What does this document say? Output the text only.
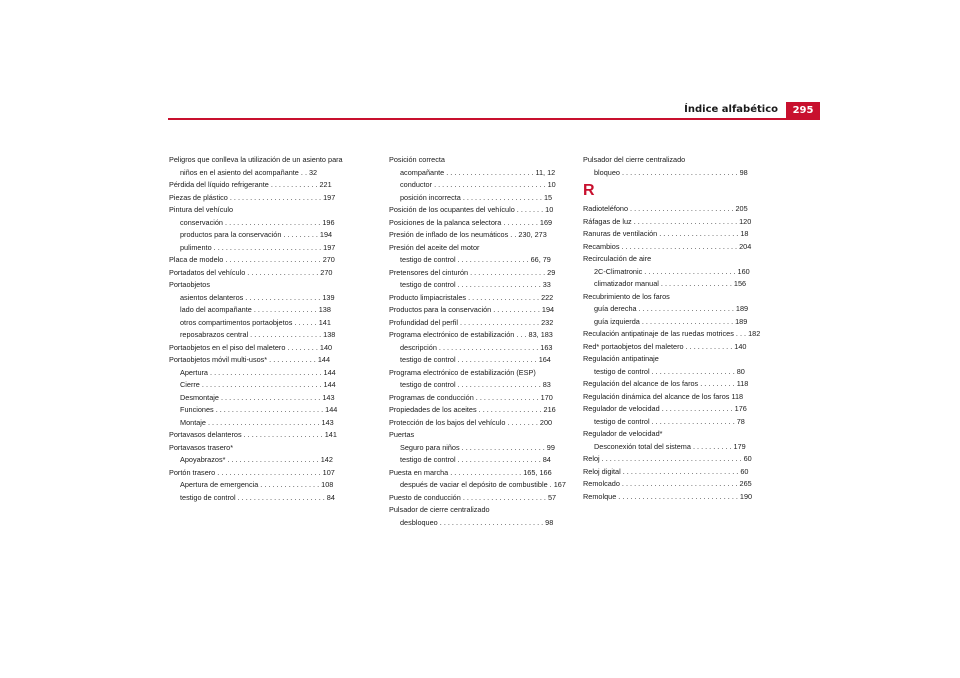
Índice alfabético	295
Peligros que conlleva la utilización de un asiento para niños en el asiento del acompañante . . 32
Pérdida del líquido refrigerante . . . . . . . . . . . . 221
Piezas de plástico . . . . . . . . . . . . . . . . . . . . . . . 197
Pintura del vehículo
conservación . . . . . . . . . . . . . . . . . . . . . . . . 196
productos para la conservación . . . . . . . . . 194
pulimento . . . . . . . . . . . . . . . . . . . . . . . . . . . 197
Placa de modelo . . . . . . . . . . . . . . . . . . . . . . . . 270
Portadatos del vehículo . . . . . . . . . . . . . . . . . . 270
Portaobjetos
asientos delanteros . . . . . . . . . . . . . . . . . . . 139
lado del acompañante . . . . . . . . . . . . . . . . 138
otros compartimentos portaobjetos . . . . . . 141
reposabrazos central . . . . . . . . . . . . . . . . . . 138
Portaobjetos en el piso del maletero . . . . . . . . 140
Portaobjetos móvil multi-usos* . . . . . . . . . . . . 144
Apertura . . . . . . . . . . . . . . . . . . . . . . . . . . . . 144
Cierre . . . . . . . . . . . . . . . . . . . . . . . . . . . . . . 144
Desmontaje . . . . . . . . . . . . . . . . . . . . . . . . . 143
Funciones . . . . . . . . . . . . . . . . . . . . . . . . . . . 144
Montaje . . . . . . . . . . . . . . . . . . . . . . . . . . . . 143
Portavasos delanteros . . . . . . . . . . . . . . . . . . . . 141
Portavasos trasero*
Apoyabrazos* . . . . . . . . . . . . . . . . . . . . . . . 142
Portón trasero . . . . . . . . . . . . . . . . . . . . . . . . . . 107
Apertura de emergencia . . . . . . . . . . . . . . . 108
testigo de control . . . . . . . . . . . . . . . . . . . . . . 84
Posición correcta
acompañante . . . . . . . . . . . . . . . . . . . . . . 11, 12
conductor . . . . . . . . . . . . . . . . . . . . . . . . . . . . 10
posición incorrecta . . . . . . . . . . . . . . . . . . . . 15
Posición de los ocupantes del vehículo . . . . . . . 10
Posiciones de la palanca selectora . . . . . . . . . 169
Presión de inflado de los neumáticos . . 230, 273
Presión del aceite del motor
testigo de control . . . . . . . . . . . . . . . . . . 66, 79
Pretensores del cinturón . . . . . . . . . . . . . . . . . . . 29
testigo de control . . . . . . . . . . . . . . . . . . . . . 33
Producto limpiacristales . . . . . . . . . . . . . . . . . . 222
Productos para la conservación . . . . . . . . . . . . 194
Profundidad del perfil . . . . . . . . . . . . . . . . . . . . 232
Programa electrónico de estabilización . . . 83, 183
descripción . . . . . . . . . . . . . . . . . . . . . . . . . 163
testigo de control . . . . . . . . . . . . . . . . . . . . 164
Programa electrónico de estabilización (ESP)
testigo de control . . . . . . . . . . . . . . . . . . . . . 83
Programas de conducción . . . . . . . . . . . . . . . . 170
Propiedades de los aceites . . . . . . . . . . . . . . . . 216
Protección de los bajos del vehículo . . . . . . . . 200
Puertas
Seguro para niños . . . . . . . . . . . . . . . . . . . . . 99
testigo de control . . . . . . . . . . . . . . . . . . . . . 84
Puesta en marcha . . . . . . . . . . . . . . . . . . 165, 166
después de vaciar el depósito de combustible . 167
Puesto de conducción . . . . . . . . . . . . . . . . . . . . . 57
Pulsador de cierre centralizado
desbloqueo . . . . . . . . . . . . . . . . . . . . . . . . . . 98
Pulsador del cierre centralizado
bloqueo . . . . . . . . . . . . . . . . . . . . . . . . . . . . . 98
R
Radioteléfono . . . . . . . . . . . . . . . . . . . . . . . . . . 205
Ráfagas de luz . . . . . . . . . . . . . . . . . . . . . . . . . . 120
Ranuras de ventilación . . . . . . . . . . . . . . . . . . . . 18
Recambios . . . . . . . . . . . . . . . . . . . . . . . . . . . . . 204
Recirculación de aire
2C-Climatronic . . . . . . . . . . . . . . . . . . . . . . . 160
climatizador manual . . . . . . . . . . . . . . . . . . 156
Recubrimiento de los faros
guía derecha . . . . . . . . . . . . . . . . . . . . . . . . 189
guía izquierda . . . . . . . . . . . . . . . . . . . . . . . 189
Reculación antipatinaje de las ruedas motrices . . . 182
Red* portaobjetos del maletero . . . . . . . . . . . . 140
Regulación antipatinaje
testigo de control . . . . . . . . . . . . . . . . . . . . . 80
Regulación del alcance de los faros . . . . . . . . . 118
Regulación dinámica del alcance de los faros 118
Regulador de velocidad . . . . . . . . . . . . . . . . . . 176
testigo de control . . . . . . . . . . . . . . . . . . . . . 78
Regulador de velocidad*
Desconexión total del sistema . . . . . . . . . . 179
Reloj . . . . . . . . . . . . . . . . . . . . . . . . . . . . . . . . . . . 60
Reloj digital . . . . . . . . . . . . . . . . . . . . . . . . . . . . . 60
Remolcado . . . . . . . . . . . . . . . . . . . . . . . . . . . . . 265
Remolque . . . . . . . . . . . . . . . . . . . . . . . . . . . . . . 190
